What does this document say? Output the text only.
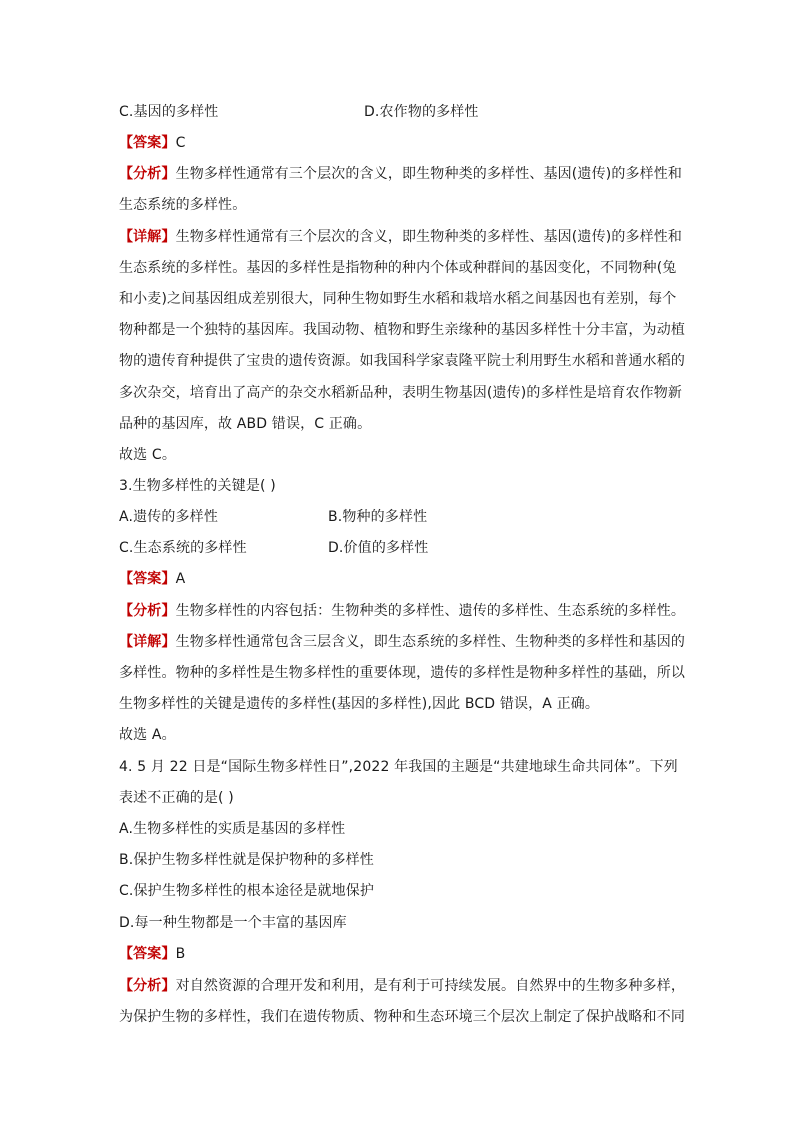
C.基因的多样性	D.农作物的多样性
【答案】C
【分析】生物多样性通常有三个层次的含义，即生物种类的多样性、基因(遗传)的多样性和
生态系统的多样性。
【详解】生物多样性通常有三个层次的含义，即生物种类的多样性、基因(遗传)的多样性和
生态系统的多样性。基因的多样性是指物种的种内个体或种群间的基因变化，不同物种(兔
和小麦)之间基因组成差别很大，同种生物如野生水稻和栽培水稻之间基因也有差别，每个
物种都是一个独特的基因库。我国动物、植物和野生亲缘种的基因多样性十分丰富，为动植
物的遗传育种提供了宝贵的遗传资源。如我国科学家袁隆平院士利用野生水稻和普通水稻的
多次杂交，培育出了高产的杂交水稻新品种，表明生物基因(遗传)的多样性是培育农作物新
品种的基因库，故 ABD 错误，C 正确。
故选 C。
3.生物多样性的关键是( )
A.遗传的多样性	B.物种的多样性
C.生态系统的多样性	D.价值的多样性
【答案】A
【分析】生物多样性的内容包括：生物种类的多样性、遗传的多样性、生态系统的多样性。
【详解】生物多样性通常包含三层含义，即生态系统的多样性、生物种类的多样性和基因的
多样性。物种的多样性是生物多样性的重要体现，遗传的多样性是物种多样性的基础，所以
生物多样性的关键是遗传的多样性(基因的多样性),因此 BCD 错误，A 正确。
故选 A。
4. 5 月 22 日是“国际生物多样性日”,2022 年我国的主题是“共建地球生命共同体”。下列
表述不正确的是( )
A.生物多样性的实质是基因的多样性
B.保护生物多样性就是保护物种的多样性
C.保护生物多样性的根本途径是就地保护
D.每一种生物都是一个丰富的基因库
【答案】B
【分析】对自然资源的合理开发和利用，是有利于可持续发展。自然界中的生物多种多样，
为保护生物的多样性，我们在遗传物质、物种和生态环境三个层次上制定了保护战略和不同
